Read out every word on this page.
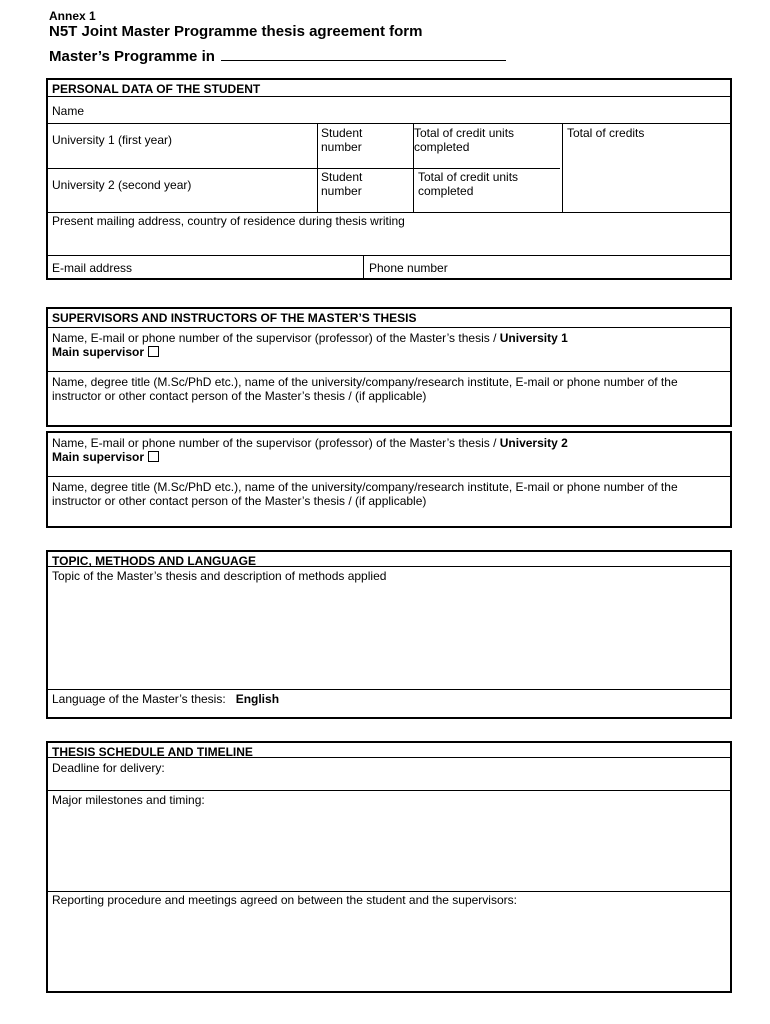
Annex 1
N5T Joint Master Programme thesis agreement form
Master’s Programme in
PERSONAL DATA OF THE STUDENT
Name
University 1 (first year)	Student number
Total of credit units completed
Total of credits
University 2 (second year)
Student number
Total of credit units completed
Present mailing address, country of residence during thesis writing
E-mail address	Phone number
SUPERVISORS AND INSTRUCTORS OF THE MASTER’S THESIS
Name, E-mail or phone number of the supervisor (professor) of the Master’s thesis / University 1
Main supervisor
Name, degree title (M.Sc/PhD etc.), name of the university/company/research institute, E-mail or phone number of the instructor or other contact person of the Master’s thesis / (if applicable)
Name, E-mail or phone number of the supervisor (professor) of the Master’s thesis / University 2
Main supervisor
Name, degree title (M.Sc/PhD etc.), name of the university/company/research institute, E-mail or phone number of the instructor or other contact person of the Master’s thesis / (if applicable)
TOPIC, METHODS AND LANGUAGE
Topic of the Master’s thesis and description of methods applied
Language of the Master’s thesis: English
THESIS SCHEDULE AND TIMELINE
Deadline for delivery:
Major milestones and timing:
Reporting procedure and meetings agreed on between the student and the supervisors:
